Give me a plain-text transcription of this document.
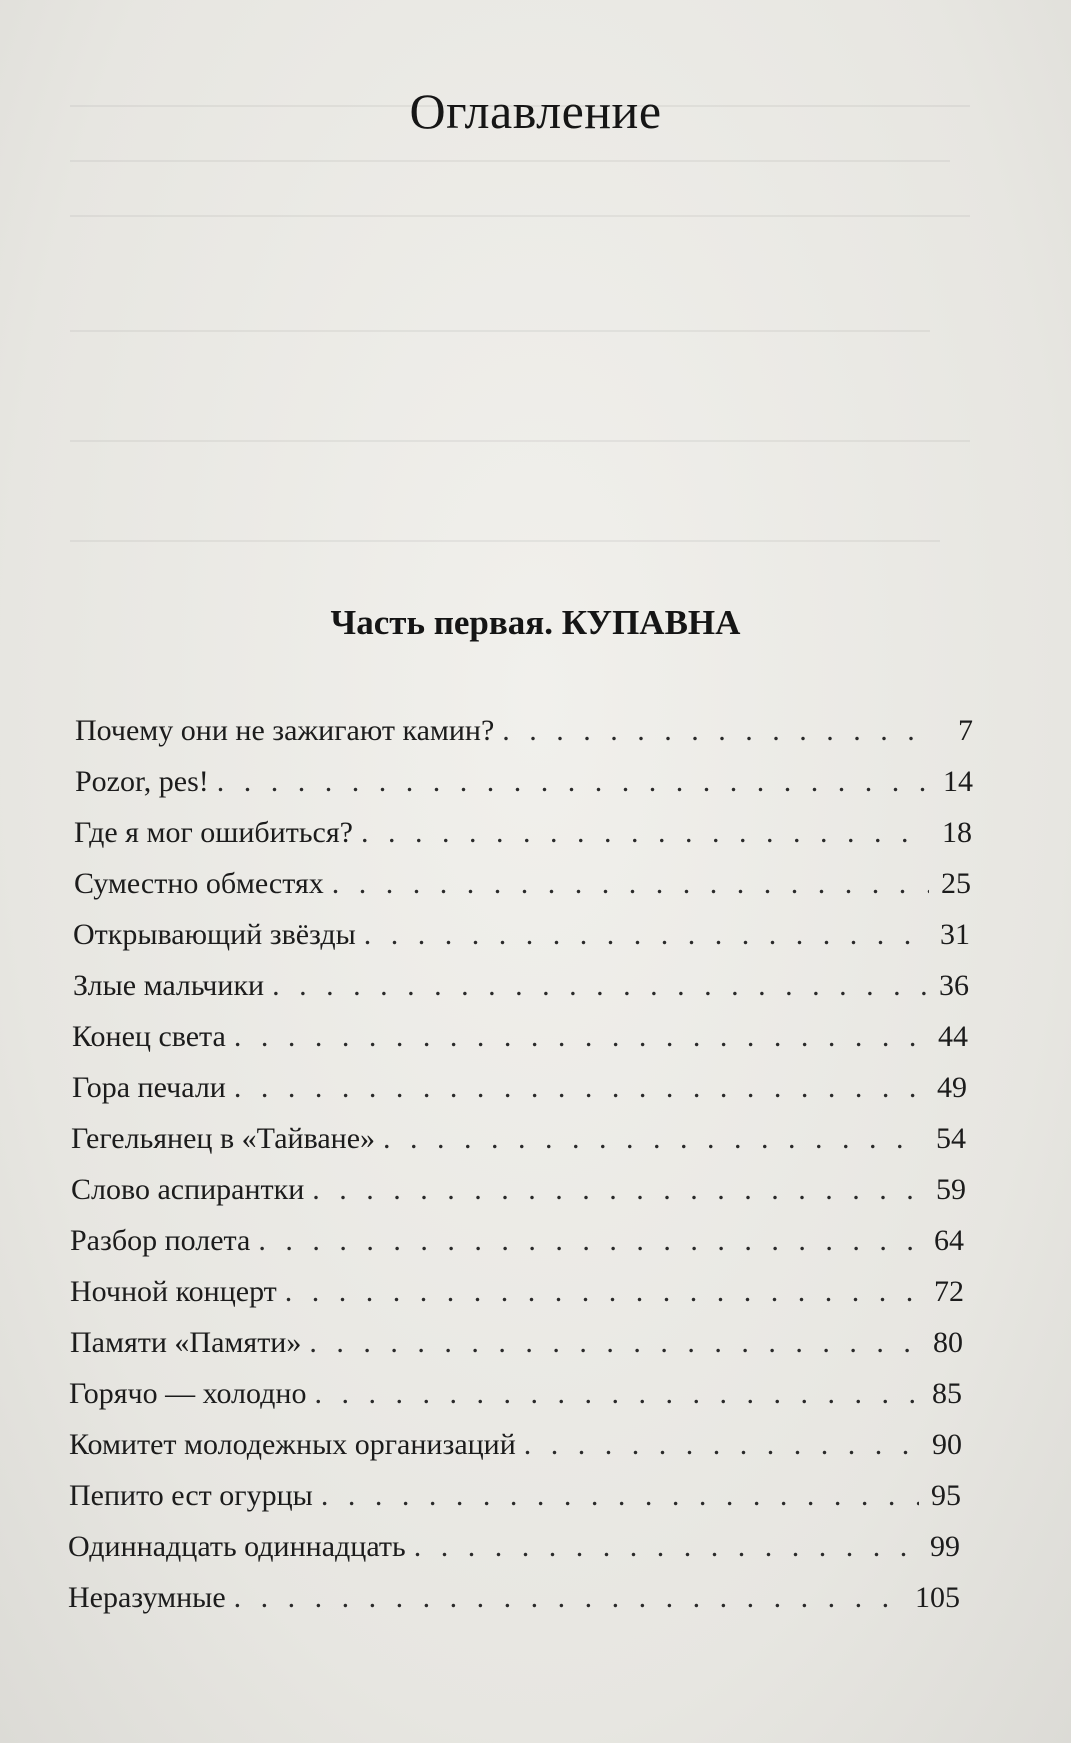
Оглавление
Часть первая. КУПАВНА
Почему они не зажигают камин? . . .	7
Pozor, pes! . . .	14
Где я мог ошибиться? . . .	18
Суместно обместях . . .	25
Открывающий звёзды . . .	31
Злые мальчики . . .	36
Конец света . . .	44
Гора печали . . .	49
Гегельянец в «Тайване» . . .	54
Слово аспирантки . . .	59
Разбор полета . . .	64
Ночной концерт . . .	72
Памяти «Памяти» . . .	80
Горячо — холодно . . .	85
Комитет молодежных организаций . . .	90
Пепито ест огурцы . . .	95
Одиннадцать одиннадцать . . .	99
Неразумные . . .	105
